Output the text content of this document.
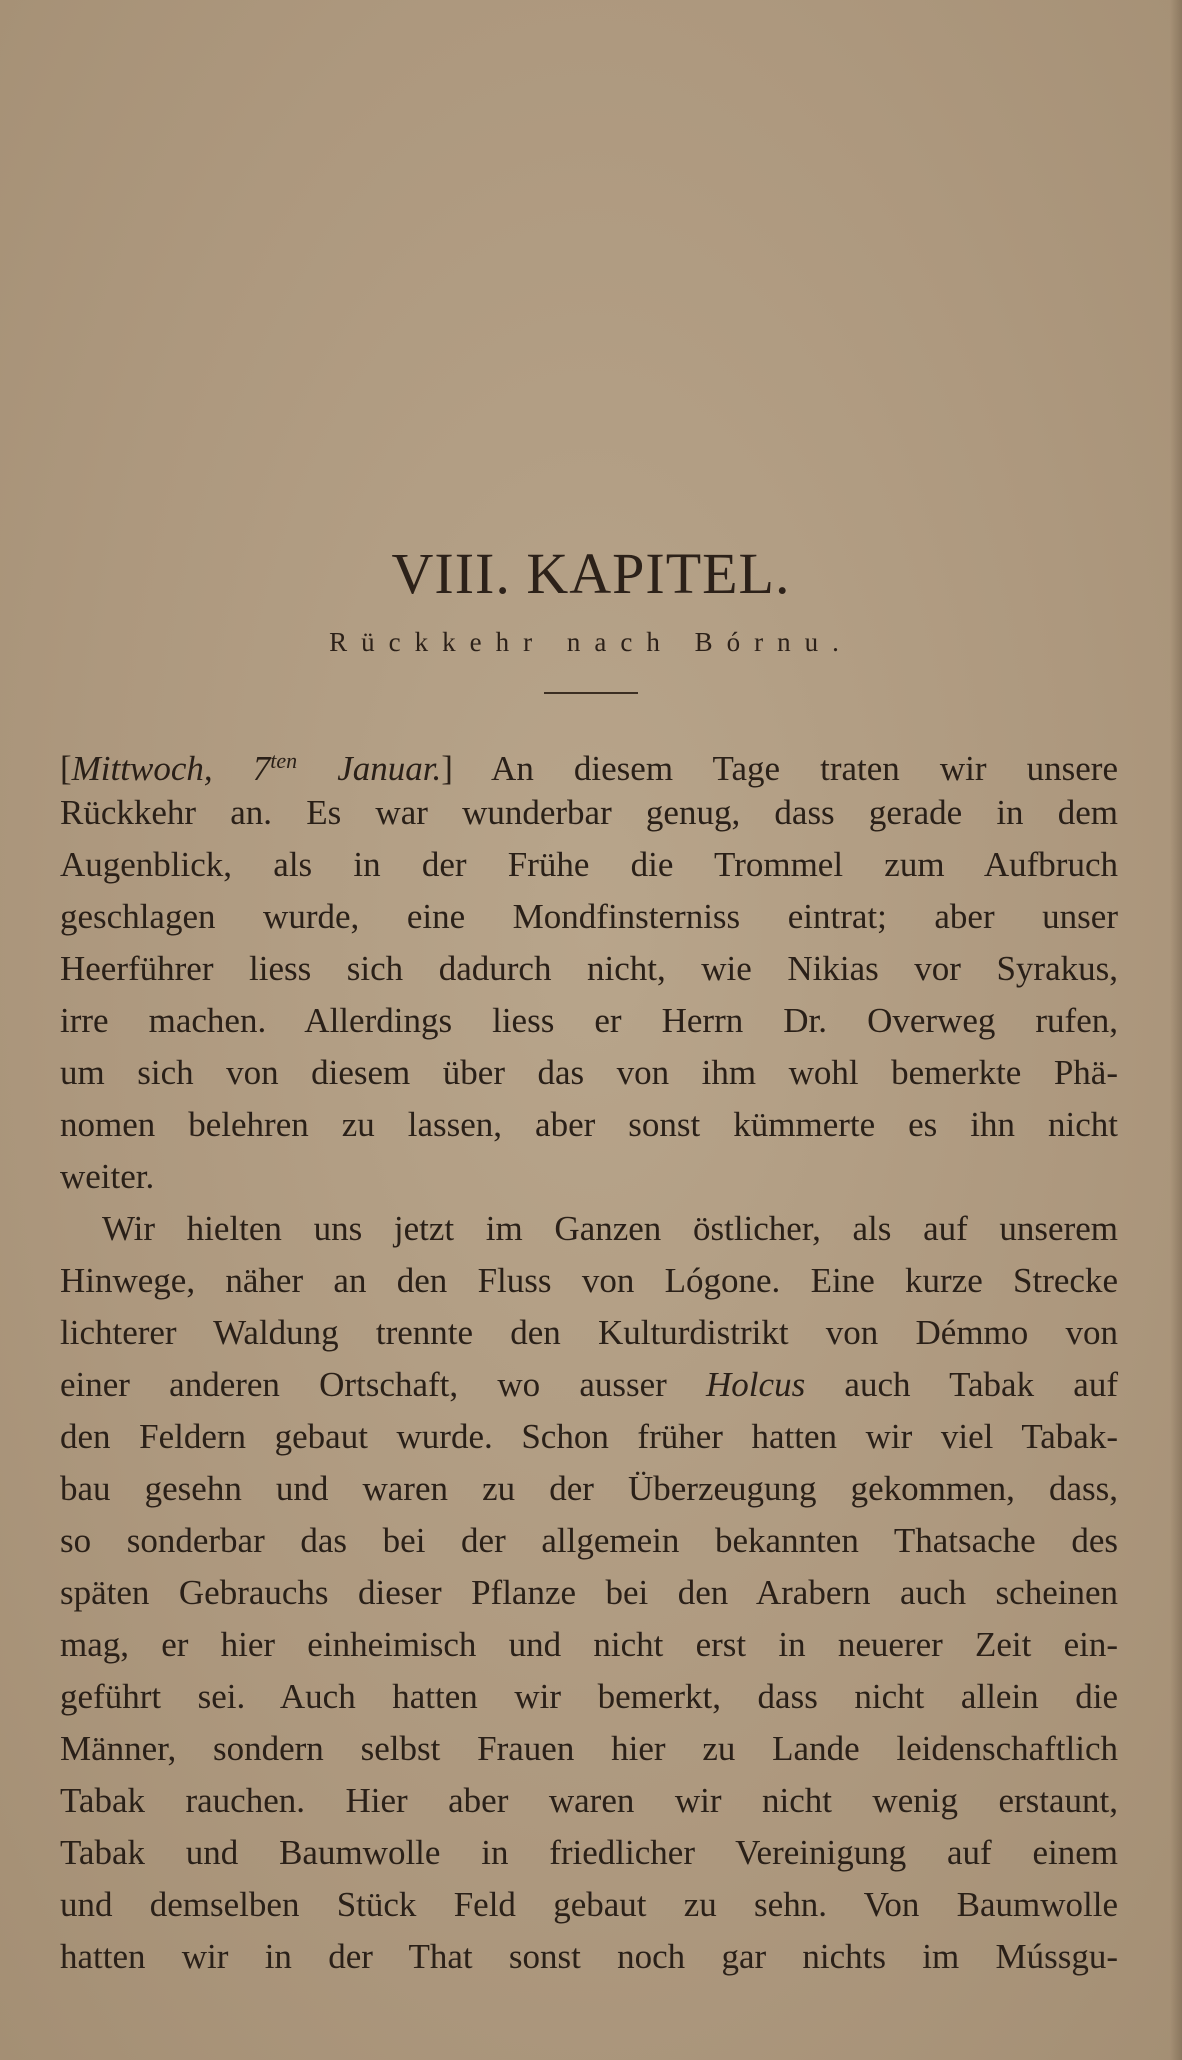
VIII. KAPITEL.
Rückkehr nach Bórnu.
[Mittwoch, $7^{ten}$ Januar.] An diesem Tage traten wir unsere
Rückkehr an. Es war wunderbar genug, dass gerade in dem
Augenblick, als in der Frühe die Trommel zum Aufbruch
geschlagen wurde, eine Mondfinsterniss eintrat; aber unser
Heerführer liess sich dadurch nicht, wie Nikias vor Syrakus,
irre machen. Allerdings liess er Herrn Dr. Overweg rufen,
um sich von diesem über das von ihm wohl bemerkte Phä-
nomen belehren zu lassen, aber sonst kümmerte es ihn nicht
weiter.
Wir hielten uns jetzt im Ganzen östlicher, als auf unserem
Hinwege, näher an den Fluss von Lógone. Eine kurze Strecke
lichterer Waldung trennte den Kulturdistrikt von Démmo von
einer anderen Ortschaft, wo ausser Holcus auch Tabak auf
den Feldern gebaut wurde. Schon früher hatten wir viel Tabak-
bau gesehn und waren zu der Überzeugung gekommen, dass,
so sonderbar das bei der allgemein bekannten Thatsache des
späten Gebrauchs dieser Pflanze bei den Arabern auch scheinen
mag, er hier einheimisch und nicht erst in neuerer Zeit ein-
geführt sei. Auch hatten wir bemerkt, dass nicht allein die
Männer, sondern selbst Frauen hier zu Lande leidenschaftlich
Tabak rauchen. Hier aber waren wir nicht wenig erstaunt,
Tabak und Baumwolle in friedlicher Vereinigung auf einem
und demselben Stück Feld gebaut zu sehn. Von Baumwolle
hatten wir in der That sonst noch gar nichts im Mússgu-
